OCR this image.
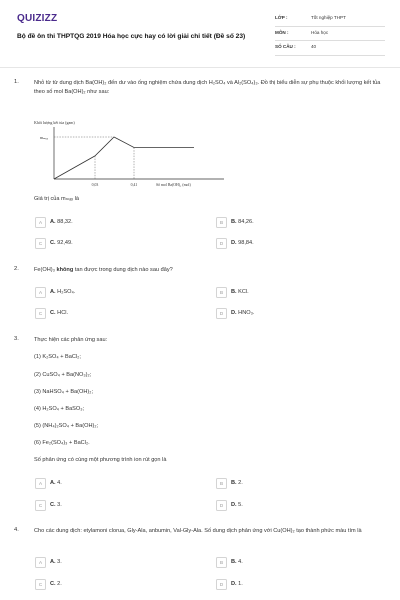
QUIZIZZ
Bộ đề ôn thi THPTQG 2019 Hóa học cực hay có lời giải chi tiết (Đề số 23)
LỚP :	Tốt nghiệp THPT
MÔN :	Hóa học
SỐ CÂU :	40
1.	Nhỏ từ từ dung dịch Ba(OH)₂ đến dư vào ống nghiệm chứa dung dịch H₂SO₄ và Al₂(SO₄)₃. Đồ thị biểu diễn sự phụ thuộc khối lượng kết tủa theo số mol Ba(OH)₂ như sau:
Khối lượng kết tủa (gam)
mₘₐₓ
0,03	0,41	Số mol Ba(OH)₂ (mol)
Giá trị của mₘₐₓ là
A	A. 88,32.	B	B. 84,26.
C	C. 92,49.	D	D. 98,84.
2.	Fe(OH)₃ không tan được trong dung dịch nào sau đây?
A	A. H₂SO₄.	B	B. KCl.
C	C. HCl.	D	D. HNO₃.
3.	Thực hiện các phản ứng sau:
(1) K₂SO₄ + BaCl₂;
(2) CuSO₄ + Ba(NO₃)₂;
(3) NaHSO₄ + Ba(OH)₂;
(4) H₂SO₄ + BaSO₃;
(5) (NH₄)₂SO₄ + Ba(OH)₂;
(6) Fe₂(SO₄)₃ + BaCl₂.
Số phản ứng có cùng một phương trình ion rút gọn là
A	A. 4.	B	B. 2.
C	C. 3.	D	D. 5.
4.	Cho các dung dịch: etylamoni clorua, Gly-Ala, anbumin, Val-Gly-Ala. Số dung dịch phản ứng với Cu(OH)₂ tạo thành phức màu tím là
A	A. 3.	B	B. 4.
C	C. 2.	D	D. 1.
